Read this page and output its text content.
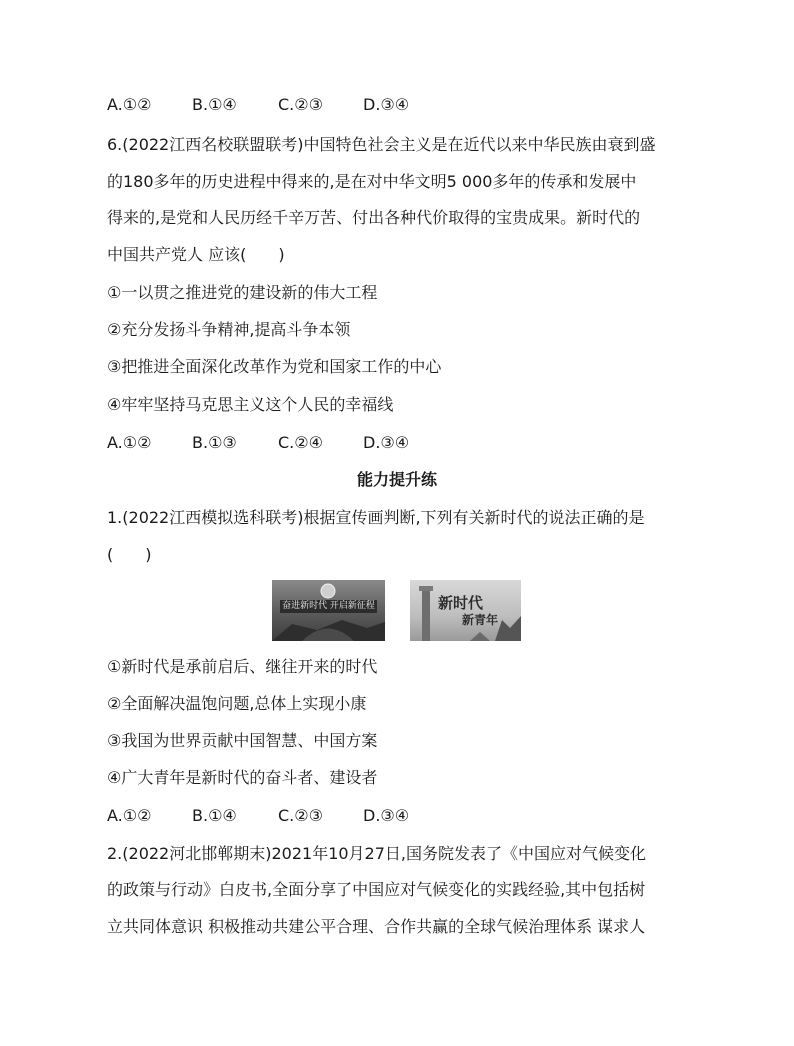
A.①②	B.①④	C.②③	D.③④
6.(2022江西名校联盟联考)中国特色社会主义是在近代以来中华民族由衰到盛
的180多年的历史进程中得来的,是在对中华文明5 000多年的传承和发展中
得来的,是党和人民历经千辛万苦、付出各种代价取得的宝贵成果。新时代的
中国共产党人 应该(　　)
①一以贯之推进党的建设新的伟大工程
②充分发扬斗争精神,提高斗争本领
③把推进全面深化改革作为党和国家工作的中心
④牢牢坚持马克思主义这个人民的幸福线
A.①②	B.①③	C.②④	D.③④
能力提升练
1.(2022江西模拟选科联考)根据宣传画判断,下列有关新时代的说法正确的是
(　　)
奋进新时代 开启新征程	新时代
新青年
①新时代是承前启后、继往开来的时代
②全面解决温饱问题,总体上实现小康
③我国为世界贡献中国智慧、中国方案
④广大青年是新时代的奋斗者、建设者
A.①②	B.①④	C.②③	D.③④
2.(2022河北邯郸期末)2021年10月27日,国务院发表了《中国应对气候变化
的政策与行动》白皮书,全面分享了中国应对气候变化的实践经验,其中包括树
立共同体意识 积极推动共建公平合理、合作共赢的全球气候治理体系 谋求人
